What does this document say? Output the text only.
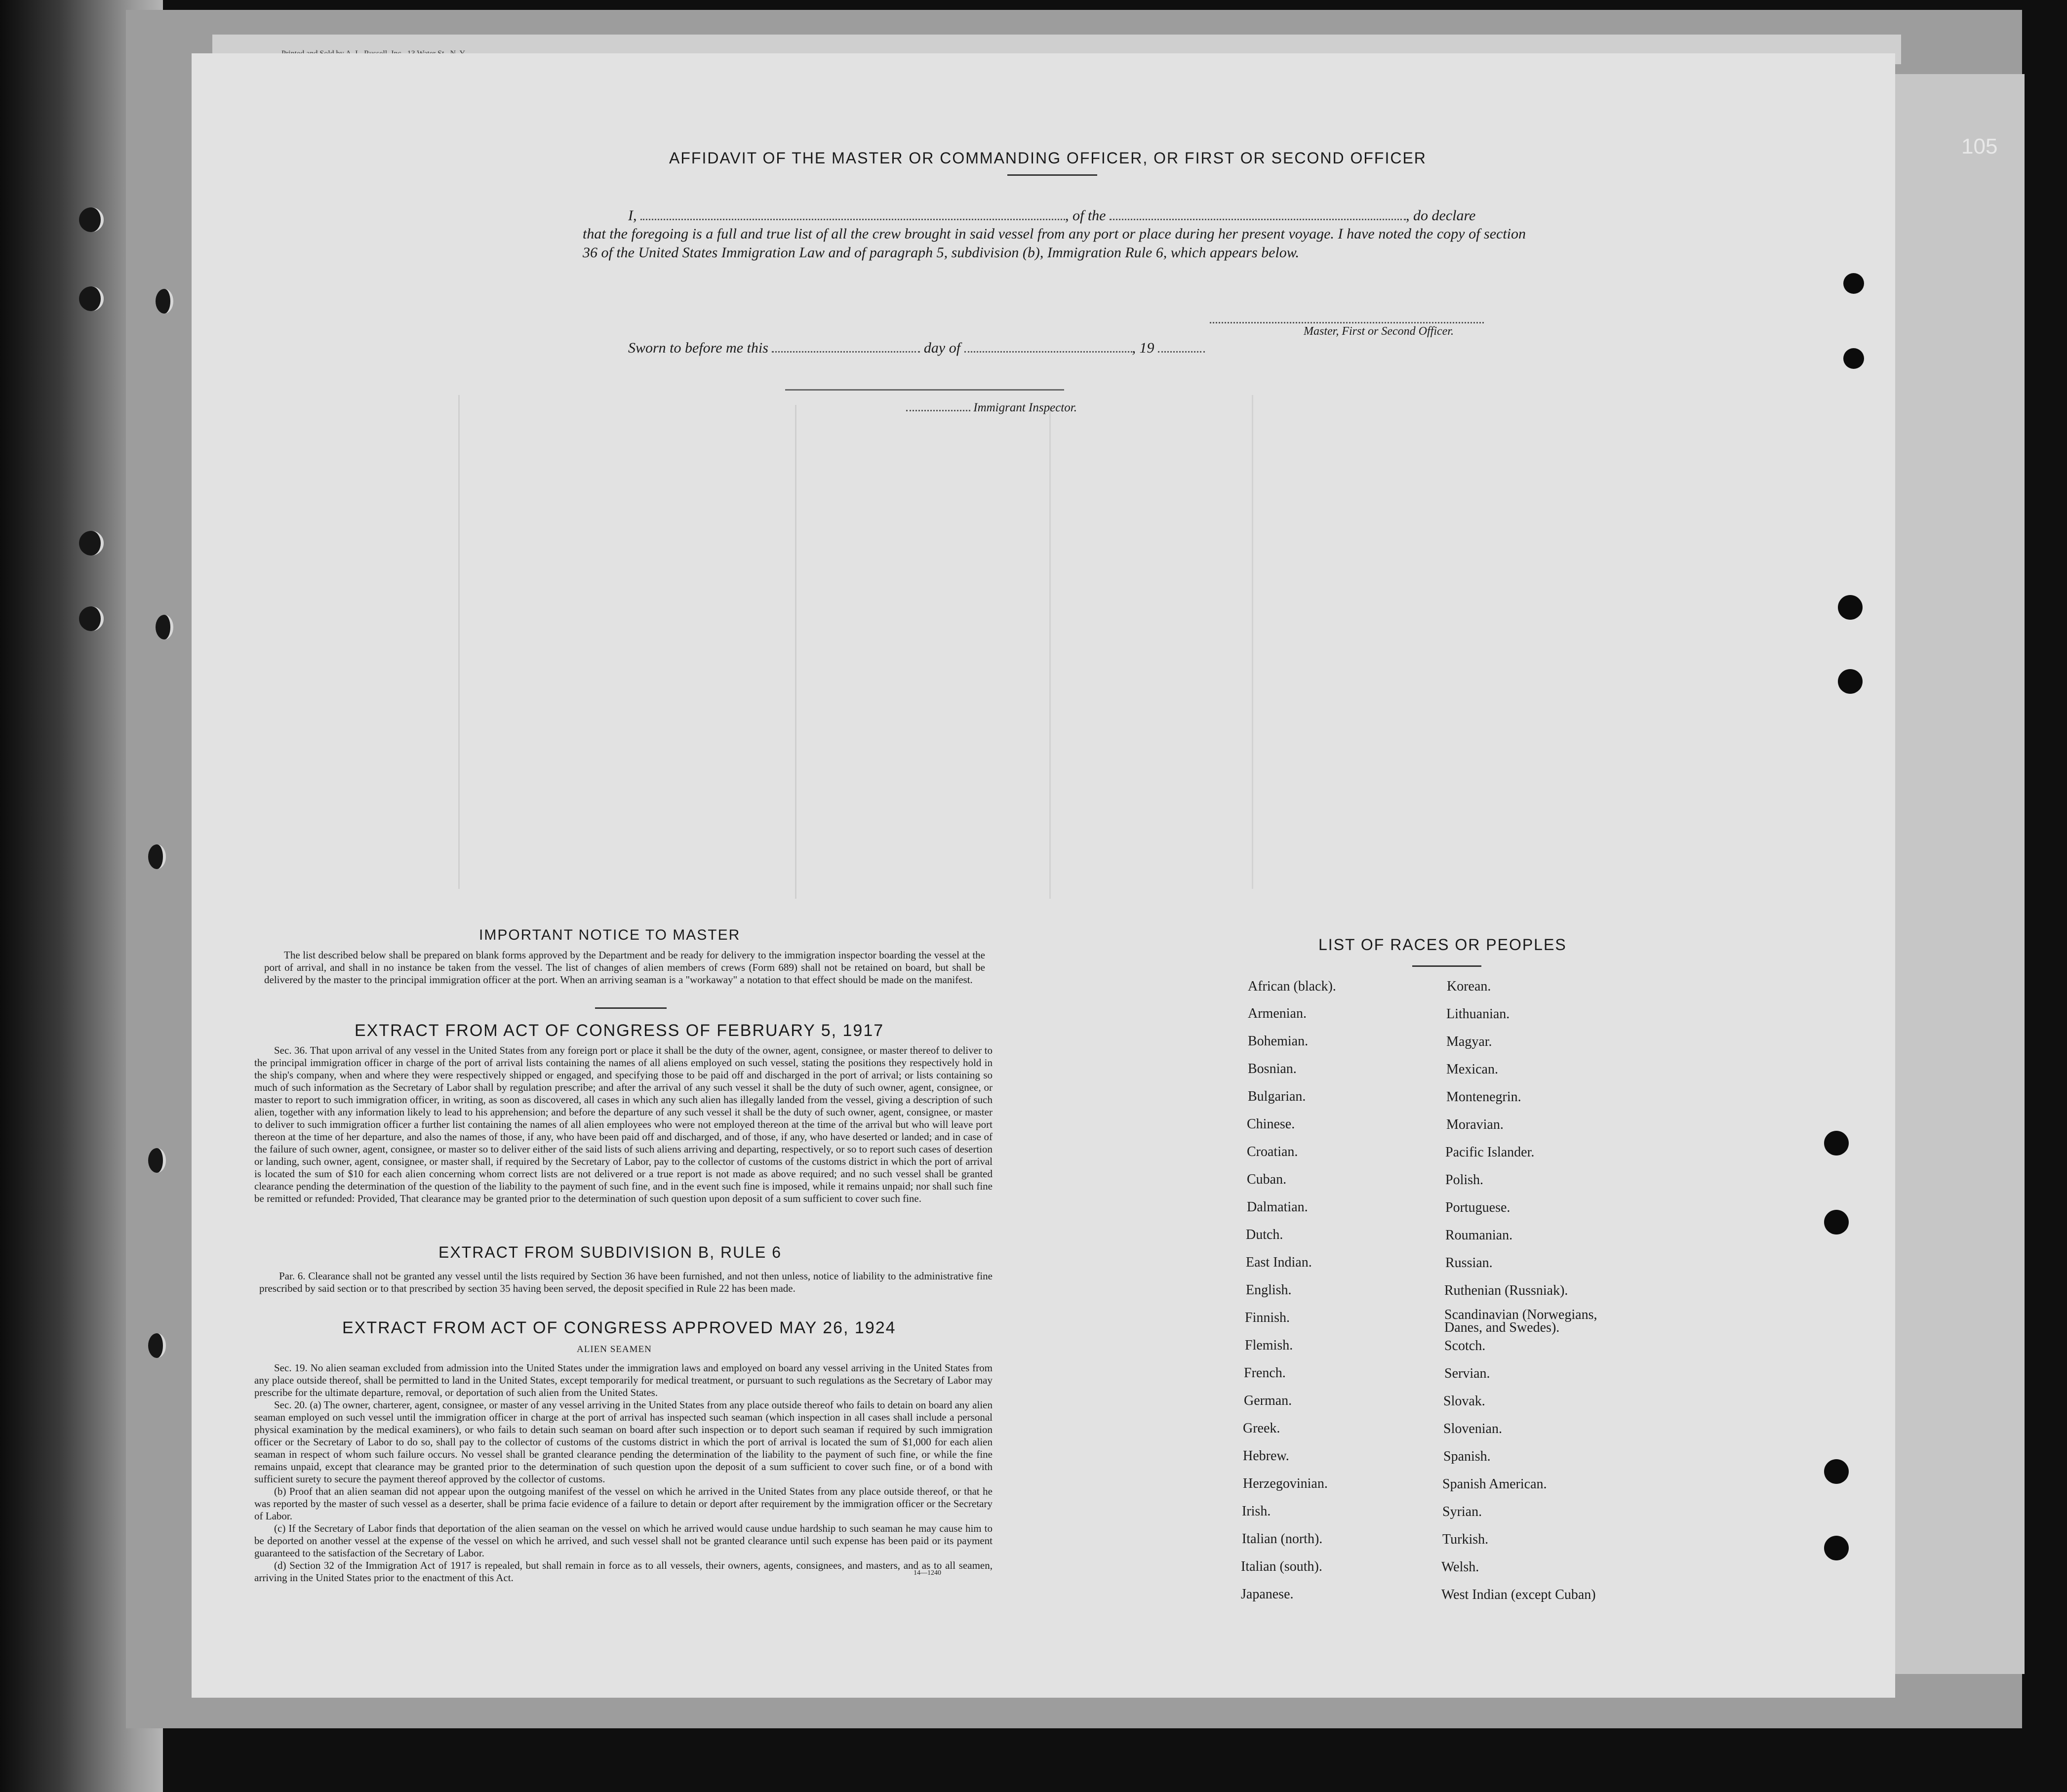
105
AFFIDAVIT OF THE MASTER OR COMMANDING OFFICER, OR FIRST OR SECOND OFFICER
I,	, of the	, do declare
that the foregoing is a full and true list of all the crew brought in said vessel from any port or place during her present voyage. I have noted the copy of section 36 of the United States Immigration Law and of paragraph 5, subdivision (b), Immigration Rule 6, which appears below.
Master, First or Second Officer.
Sworn to before me this	day of	, 19
Immigrant Inspector.
IMPORTANT NOTICE TO MASTER
The list described below shall be prepared on blank forms approved by the Department and be ready for delivery to the immigration inspector boarding the vessel at the port of arrival, and shall in no instance be taken from the vessel. The list of changes of alien members of crews (Form 689) shall not be retained on board, but shall be delivered by the master to the principal immigration officer at the port. When an arriving seaman is a "workaway" a notation to that effect should be made on the manifest.
EXTRACT FROM ACT OF CONGRESS OF FEBRUARY 5, 1917
Sec. 36. That upon arrival of any vessel in the United States from any foreign port or place it shall be the duty of the owner, agent, consignee, or master thereof to deliver to the principal immigration officer in charge of the port of arrival lists containing the names of all aliens employed on such vessel, stating the positions they respectively hold in the ship's company, when and where they were respectively shipped or engaged, and specifying those to be paid off and discharged in the port of arrival; or lists containing so much of such information as the Secretary of Labor shall by regulation prescribe; and after the arrival of any such vessel it shall be the duty of such owner, agent, consignee, or master to report to such immigration officer, in writing, as soon as discovered, all cases in which any such alien has illegally landed from the vessel, giving a description of such alien, together with any information likely to lead to his apprehension; and before the departure of any such vessel it shall be the duty of such owner, agent, consignee, or master to deliver to such immigration officer a further list containing the names of all alien employees who were not employed thereon at the time of the arrival but who will leave port thereon at the time of her departure, and also the names of those, if any, who have been paid off and discharged, and of those, if any, who have deserted or landed; and in case of the failure of such owner, agent, consignee, or master so to deliver either of the said lists of such aliens arriving and departing, respectively, or so to report such cases of desertion or landing, such owner, agent, consignee, or master shall, if required by the Secretary of Labor, pay to the collector of customs of the customs district in which the port of arrival is located the sum of $10 for each alien concerning whom correct lists are not delivered or a true report is not made as above required; and no such vessel shall be granted clearance pending the determination of the question of the liability to the payment of such fine, and in the event such fine is imposed, while it remains unpaid; nor shall such fine be remitted or refunded: Provided, That clearance may be granted prior to the determination of such question upon deposit of a sum sufficient to cover such fine.
EXTRACT FROM SUBDIVISION B, RULE 6
Par. 6. Clearance shall not be granted any vessel until the lists required by Section 36 have been furnished, and not then unless, notice of liability to the administrative fine prescribed by said section or to that prescribed by section 35 having been served, the deposit specified in Rule 22 has been made.
EXTRACT FROM ACT OF CONGRESS APPROVED MAY 26, 1924
ALIEN SEAMEN
Sec. 19. No alien seaman excluded from admission into the United States under the immigration laws and employed on board any vessel arriving in the United States from any place outside thereof, shall be permitted to land in the United States, except temporarily for medical treatment, or pursuant to such regulations as the Secretary of Labor may prescribe for the ultimate departure, removal, or deportation of such alien from the United States.
Sec. 20. (a) The owner, charterer, agent, consignee, or master of any vessel arriving in the United States from any place outside thereof who fails to detain on board any alien seaman employed on such vessel until the immigration officer in charge at the port of arrival has inspected such seaman (which inspection in all cases shall include a personal physical examination by the medical examiners), or who fails to detain such seaman on board after such inspection or to deport such seaman if required by such immigration officer or the Secretary of Labor to do so, shall pay to the collector of customs of the customs district in which the port of arrival is located the sum of $1,000 for each alien seaman in respect of whom such failure occurs. No vessel shall be granted clearance pending the determination of the liability to the payment of such fine, or while the fine remains unpaid, except that clearance may be granted prior to the determination of such question upon the deposit of a sum sufficient to cover such fine, or of a bond with sufficient surety to secure the payment thereof approved by the collector of customs.
(b) Proof that an alien seaman did not appear upon the outgoing manifest of the vessel on which he arrived in the United States from any place outside thereof, or that he was reported by the master of such vessel as a deserter, shall be prima facie evidence of a failure to detain or deport after requirement by the immigration officer or the Secretary of Labor.
(c) If the Secretary of Labor finds that deportation of the alien seaman on the vessel on which he arrived would cause undue hardship to such seaman he may cause him to be deported on another vessel at the expense of the vessel on which he arrived, and such vessel shall not be granted clearance until such expense has been paid or its payment guaranteed to the satisfaction of the Secretary of Labor.
(d) Section 32 of the Immigration Act of 1917 is repealed, but shall remain in force as to all vessels, their owners, agents, consignees, and masters, and as to all seamen, arriving in the United States prior to the enactment of this Act.	14—1240
LIST OF RACES OR PEOPLES
African (black).
Armenian.
Bohemian.
Bosnian.
Bulgarian.
Chinese.
Croatian.
Cuban.
Dalmatian.
Dutch.
East Indian.
English.
Finnish.
Flemish.
French.
German.
Greek.
Hebrew.
Herzegovinian.
Irish.
Italian (north).
Italian (south).
Japanese.
Korean.
Lithuanian.
Magyar.
Mexican.
Montenegrin.
Moravian.
Pacific Islander.
Polish.
Portuguese.
Roumanian.
Russian.
Ruthenian (Russniak).
Scandinavian (Norwegians, Danes, and Swedes).
Scotch.
Servian.
Slovak.
Slovenian.
Spanish.
Spanish American.
Syrian.
Turkish.
Welsh.
West Indian (except Cuban)
